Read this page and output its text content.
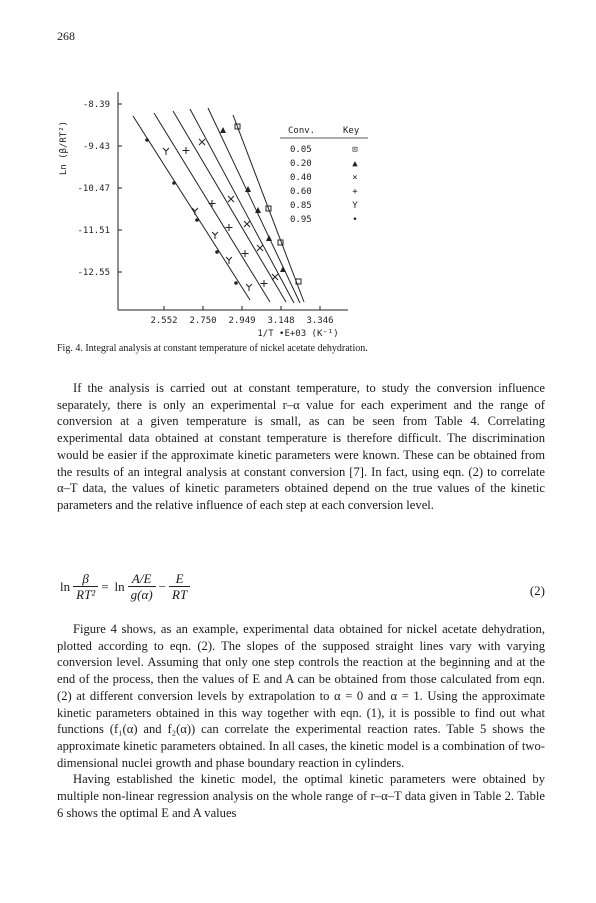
268
-8.39
-9.43
-10.47
-11.51
-12.55
Ln (β/RT²)
2.552 2.750 2.949 3.148 3.346
1/T •E+03 (K⁻¹)
Conv.	Key
0.05	⊡
0.20	▲
0.40	×
0.60	+
0.85	Y
0.95	•
Fig. 4. Integral analysis at constant temperature of nickel acetate dehydration.

If the analysis is carried out at constant temperature, to study the conversion influence separately, there is only an experimental r–α value for each experiment and the range of conversion at a given temperature is small, as can be seen from Table 4. Correlating experimental data obtained at constant temperature is therefore difficult. The discrimination would be easier if the approximate kinetic parameters were known. These can be obtained from the results of an integral analysis at constant conversion [7]. In fact, using eqn. (2) to correlate α–T data, the values of kinetic parameters obtained depend on the true values of the kinetic parameters and the relative influence of each step at each conversion level.

$\ln \frac{\beta}{\text{RT²}} = \ln \frac{A/E}{g(\alpha)} - \frac{E}{RT}$	(2)

Figure 4 shows, as an example, experimental data obtained for nickel acetate dehydration, plotted according to eqn. (2). The slopes of the supposed straight lines vary with varying conversion level. Assuming that only one step controls the reaction at the beginning and at the end of the process, then the values of E and A can be obtained from those calculated from eqn. (2) at different conversion levels by extrapolation to α = 0 and α = 1. Using the approximate kinetic parameters obtained in this way together with eqn. (1), it is possible to find out what functions (f₁(α) and f₂(α)) can correlate the experimental reaction rates. Table 5 shows the approximate kinetic parameters obtained. In all cases, the kinetic model is a combination of two-dimensional nuclei growth and phase boundary reaction in cylinders.

Having established the kinetic model, the optimal kinetic parameters were obtained by multiple non-linear regression analysis on the whole range of r–α–T data given in Table 2. Table 6 shows the optimal E and A values
